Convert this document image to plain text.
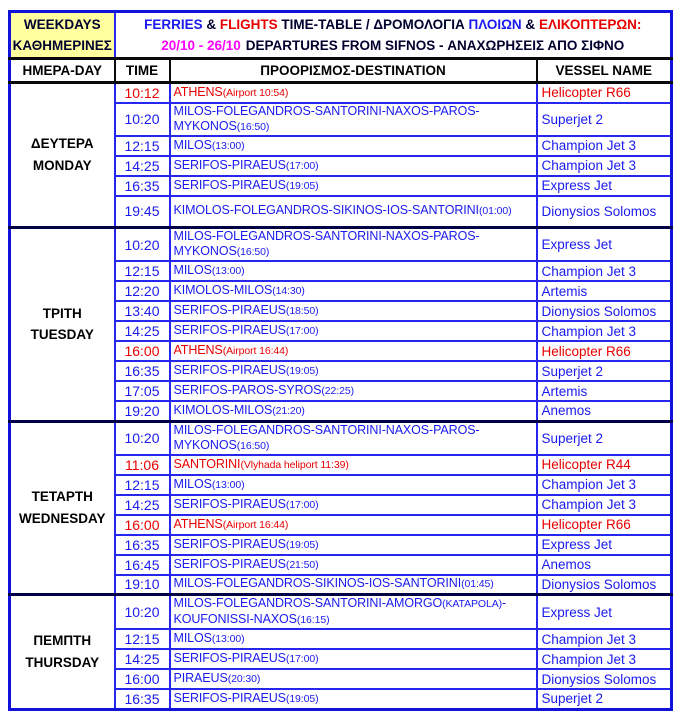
WEEKDAYS
ΚΑΘΗΜΕΡΙΝΕΣ

FERRIES & FLIGHTS TIME-TABLE / ΔΡΟΜΟΛΟΓΙΑ ΠΛΟΙΩΝ & ΕΛΙΚΟΠΤΕΡΩΝ:
20/10 - 26/10 DEPARTURES FROM SIFNOS - ΑΝΑΧΩΡΗΣΕΙΣ ΑΠΟ ΣΙΦΝΟ

ΗΜΕΡΑ-DAY	TIME	ΠΡΟΟΡΙΣΜΟΣ-DESTINATION	VESSEL NAME

ΔΕΥΤΕΡΑ
MONDAY	10:12	ATHENS(Airport 10:54)	Helicopter R66
	10:20	MILOS-FOLEGANDROS-SANTORINI-NAXOS-PAROS-
MYKONOS(16:50)	Superjet 2
	12:15	MILOS(13:00)	Champion Jet 3
	14:25	SERIFOS-PIRAEUS(17:00)	Champion Jet 3
	16:35	SERIFOS-PIRAEUS(19:05)	Express Jet
	19:45	KIMOLOS-FOLEGANDROS-SIKINOS-IOS-SANTORINI(01:00)	Dionysios Solomos

ΤΡΙΤΗ
TUESDAY
	10:20	MILOS-FOLEGANDROS-SANTORINI-NAXOS-PAROS-
MYKONOS(16:50)	Express Jet
	12:15	MILOS(13:00)	Champion Jet 3
	12:20	KIMOLOS-MILOS(14:30)	Artemis
	13:40	SERIFOS-PIRAEUS(18:50)	Dionysios Solomos
	14:25	SERIFOS-PIRAEUS(17:00)	Champion Jet 3
	16:00	ATHENS(Airport 16:44)	Helicopter R66
	16:35	SERIFOS-PIRAEUS(19:05)	Superjet 2
	17:05	SERIFOS-PAROS-SYROS(22:25)	Artemis
	19:20	KIMOLOS-MILOS(21:20)	Anemos

ΤΕΤΑΡΤΗ
WEDNESDAY
	10:20	MILOS-FOLEGANDROS-SANTORINI-NAXOS-PAROS-
MYKONOS(16:50)	Superjet 2
	11:06	SANTORINI(Vlyhada heliport 11:39)	Helicopter R44
	12:15	MILOS(13:00)	Champion Jet 3
	14:25	SERIFOS-PIRAEUS(17:00)	Champion Jet 3
	16:00	ATHENS(Airport 16:44)	Helicopter R66
	16:35	SERIFOS-PIRAEUS(19:05)	Express Jet
	16:45	SERIFOS-PIRAEUS(21:50)	Anemos
	19:10	MILOS-FOLEGANDROS-SIKINOS-IOS-SANTORINI(01:45)	Dionysios Solomos

ΠΕΜΠΤΗ
THURSDAY
	10:20	MILOS-FOLEGANDROS-SANTORINI-AMORGO(KATAPOLA)-
KOUFONISSI-NAXOS(16:15)	Express Jet
	12:15	MILOS(13:00)	Champion Jet 3
	14:25	SERIFOS-PIRAEUS(17:00)	Champion Jet 3
	16:00	PIRAEUS(20:30)	Dionysios Solomos
	16:35	SERIFOS-PIRAEUS(19:05)	Superjet 2
